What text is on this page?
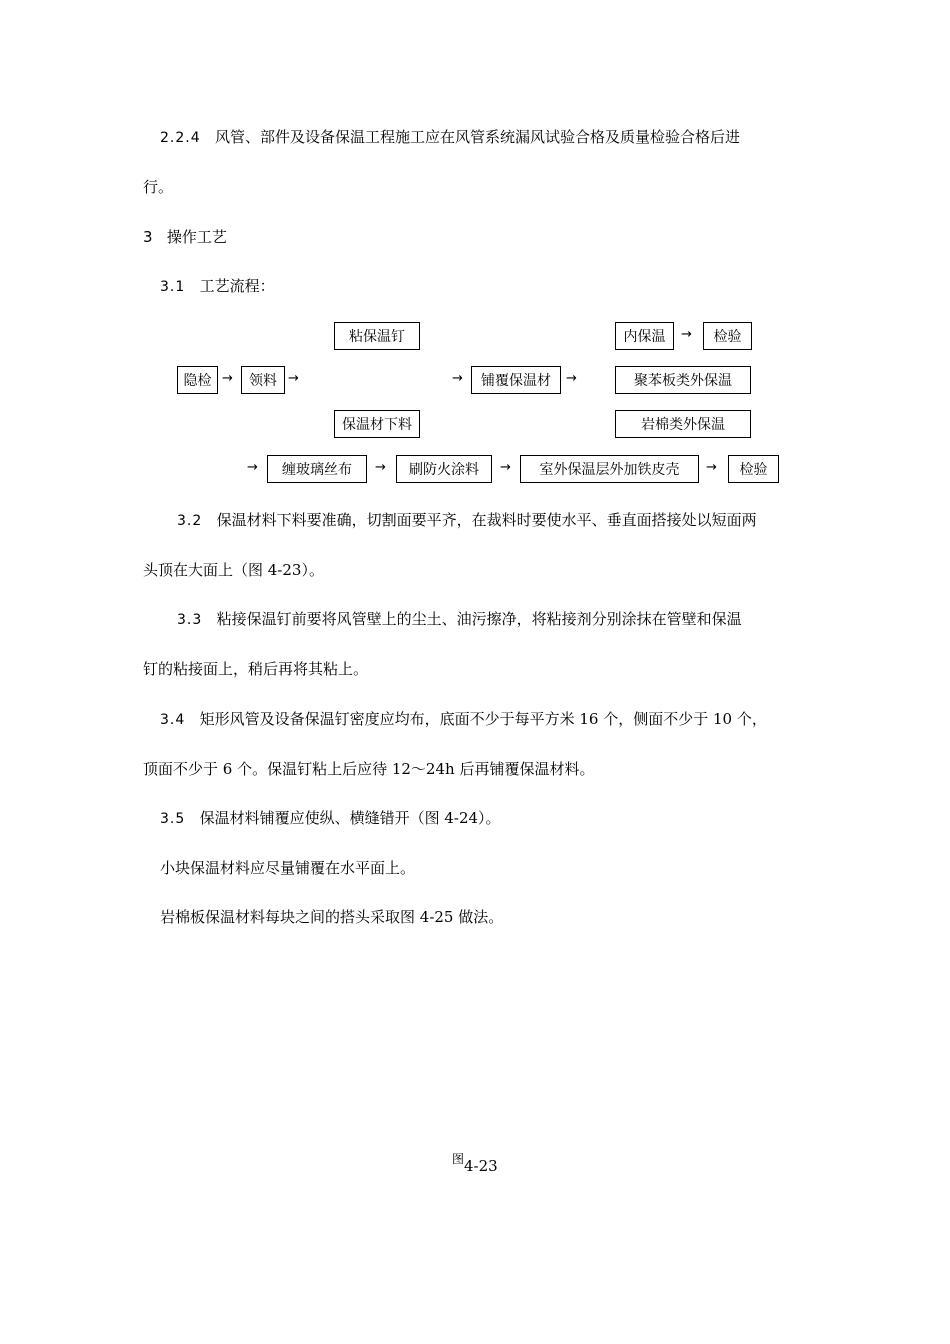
2.2.4 风管、部件及设备保温工程施工应在风管系统漏风试验合格及质量检验合格后进
行。
3 操作工艺
3.1 工艺流程：
隐检 →	领料 →
粘保温钉
保温材下料
→	铺覆保温材	→
内保温	→	检验
聚苯板类外保温
岩棉类外保温
→	缠玻璃丝布	→	刷防火涂料	→	室外保温层外加铁皮壳	→	检验
3.2 保温材料下料要准确，切割面要平齐，在裁料时要使水平、垂直面搭接处以短面两
头顶在大面上（图 4-23）。
3.3 粘接保温钉前要将风管壁上的尘土、油污擦净，将粘接剂分别涂抹在管壁和保温
钉的粘接面上，稍后再将其粘上。
3.4 矩形风管及设备保温钉密度应均布，底面不少于每平方米 16 个，侧面不少于 10 个，
顶面不少于 6 个。保温钉粘上后应待 12～24h 后再铺覆保温材料。
3.5 保温材料铺覆应使纵、横缝错开（图 4-24）。
小块保温材料应尽量铺覆在水平面上。
岩棉板保温材料每块之间的搭头采取图 4-25 做法。
$^图$4-23
